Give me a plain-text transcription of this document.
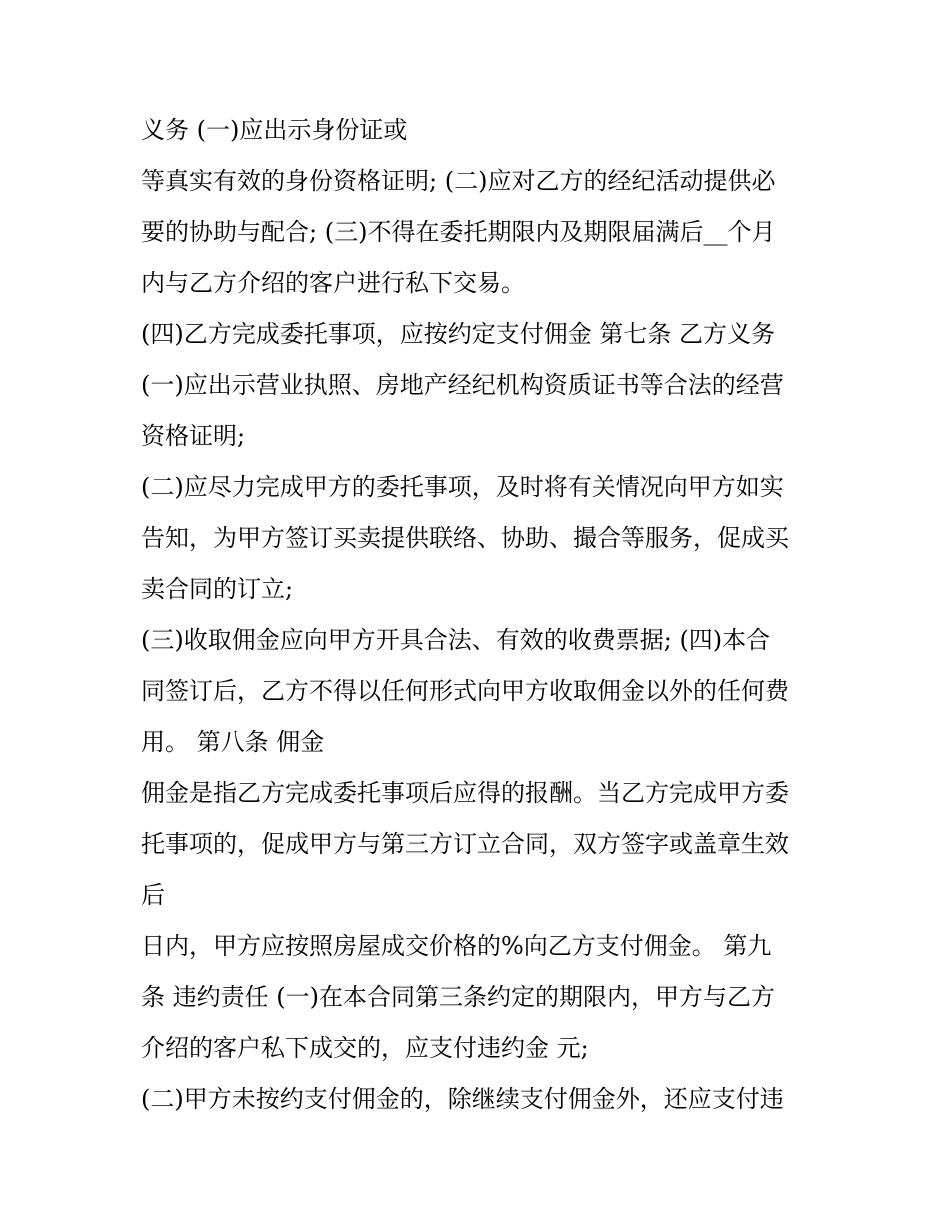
义务 (一)应出示身份证或
等真实有效的身份资格证明; (二)应对乙方的经纪活动提供必
要的协助与配合; (三)不得在委托期限内及期限届满后__个月
内与乙方介绍的客户进行私下交易。
(四)乙方完成委托事项，应按约定支付佣金 第七条 乙方义务
(一)应出示营业执照、房地产经纪机构资质证书等合法的经营
资格证明;
(二)应尽力完成甲方的委托事项，及时将有关情况向甲方如实
告知，为甲方签订买卖提供联络、协助、撮合等服务，促成买
卖合同的订立;
(三)收取佣金应向甲方开具合法、有效的收费票据; (四)本合
同签订后，乙方不得以任何形式向甲方收取佣金以外的任何费
用。 第八条 佣金
佣金是指乙方完成委托事项后应得的报酬。当乙方完成甲方委
托事项的，促成甲方与第三方订立合同，双方签字或盖章生效
后
日内，甲方应按照房屋成交价格的%向乙方支付佣金。 第九
条 违约责任 (一)在本合同第三条约定的期限内，甲方与乙方
介绍的客户私下成交的，应支付违约金 元;
(二)甲方未按约支付佣金的，除继续支付佣金外，还应支付违
